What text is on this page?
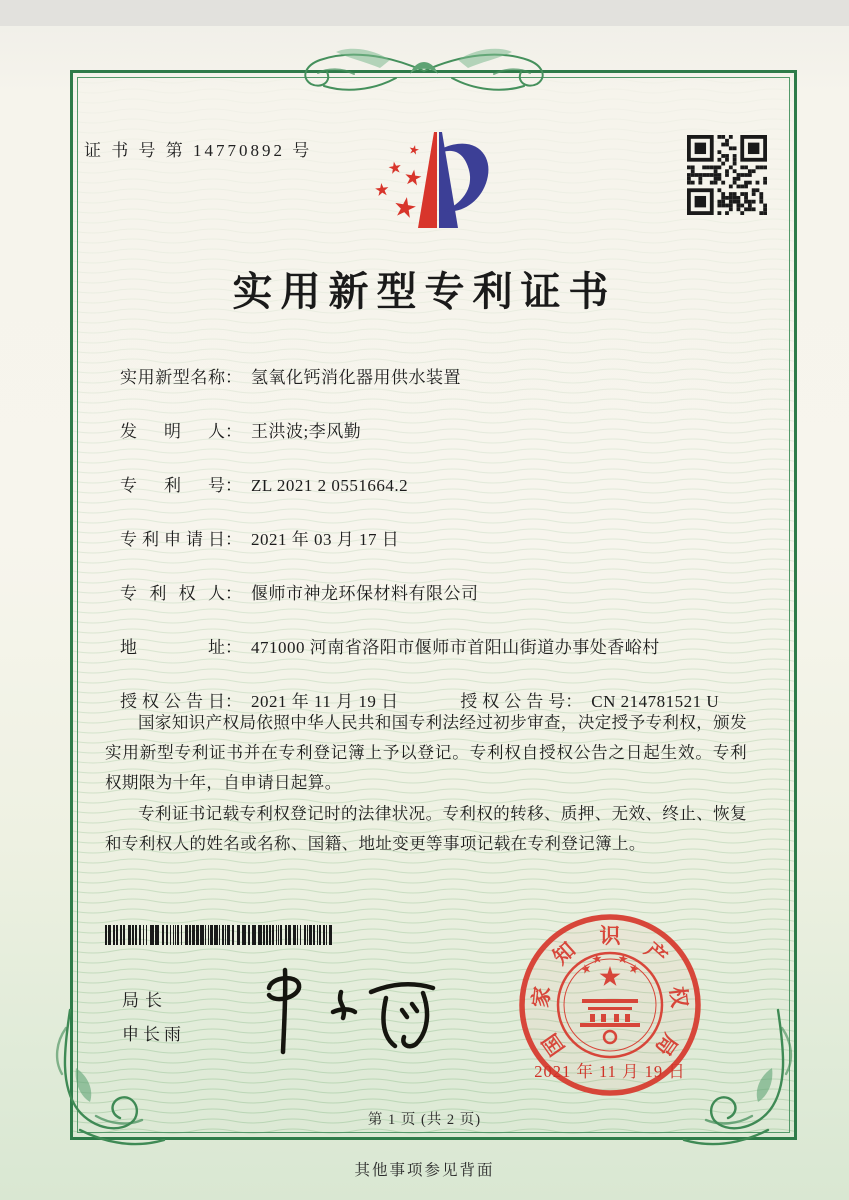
证 书 号 第 14770892 号
实用新型专利证书
实用新型名称： 氢氧化钙消化器用供水装置
发明人： 王洪波;李风勤
专利号： ZL 2021 2 0551664.2
专利申请日： 2021 年 03 月 17 日
专利权人： 偃师市神龙环保材料有限公司
地址： 471000 河南省洛阳市偃师市首阳山街道办事处香峪村
授权公告日： 2021 年 11 月 19 日	授权公告号： CN 214781521 U

国家知识产权局依照中华人民共和国专利法经过初步审查，决定授予专利权，颁发实用新型专利证书并在专利登记簿上予以登记。专利权自授权公告之日起生效。专利权期限为十年，自申请日起算。

专利证书记载专利权登记时的法律状况。专利权的转移、质押、无效、终止、恢复和专利权人的姓名或名称、国籍、地址变更等事项记载在专利登记簿上。

局长
申长雨	国
家
知
识
产
权
局
2021 年 11 月 19 日
第 1 页 (共 2 页)
其他事项参见背面
